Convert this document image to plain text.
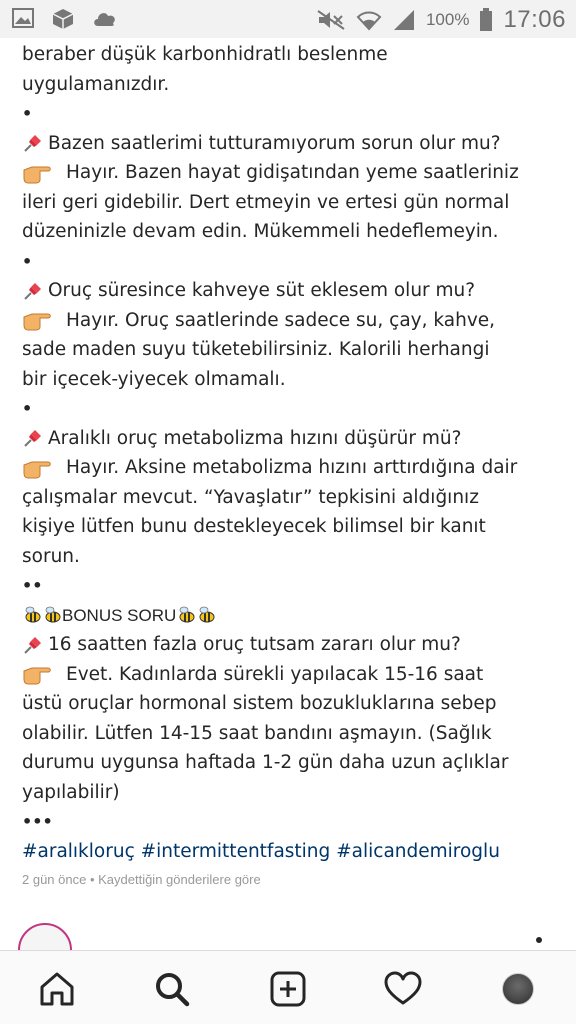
100% 17:06
beraber düşük karbonhidratlı beslenme
uygulamanızdır.
•
Bazen saatlerimi tutturamıyorum sorun olur mu?
Hayır. Bazen hayat gidişatından yeme saatleriniz
ileri geri gidebilir. Dert etmeyin ve ertesi gün normal
düzeninizle devam edin. Mükemmeli hedeflemeyin.
•
Oruç süresince kahveye süt eklesem olur mu?
Hayır. Oruç saatlerinde sadece su, çay, kahve,
sade maden suyu tüketebilirsiniz. Kalorili herhangi
bir içecek-yiyecek olmamalı.
•
Aralıklı oruç metabolizma hızını düşürür mü?
Hayır. Aksine metabolizma hızını arttırdığına dair
çalışmalar mevcut. “Yavaşlatır” tepkisini aldığınız
kişiye lütfen bunu destekleyecek bilimsel bir kanıt
sorun.
••
BONUS SORU
16 saatten fazla oruç tutsam zararı olur mu?
Evet. Kadınlarda sürekli yapılacak 15-16 saat
üstü oruçlar hormonal sistem bozukluklarına sebep
olabilir. Lütfen 14-15 saat bandını aşmayın. (Sağlık
durumu uygunsa haftada 1-2 gün daha uzun açlıklar
yapılabilir)
•••
#aralıkloruç #intermittentfasting #alicandemiroglu
2 gün önce • Kaydettiğin gönderilere göre
